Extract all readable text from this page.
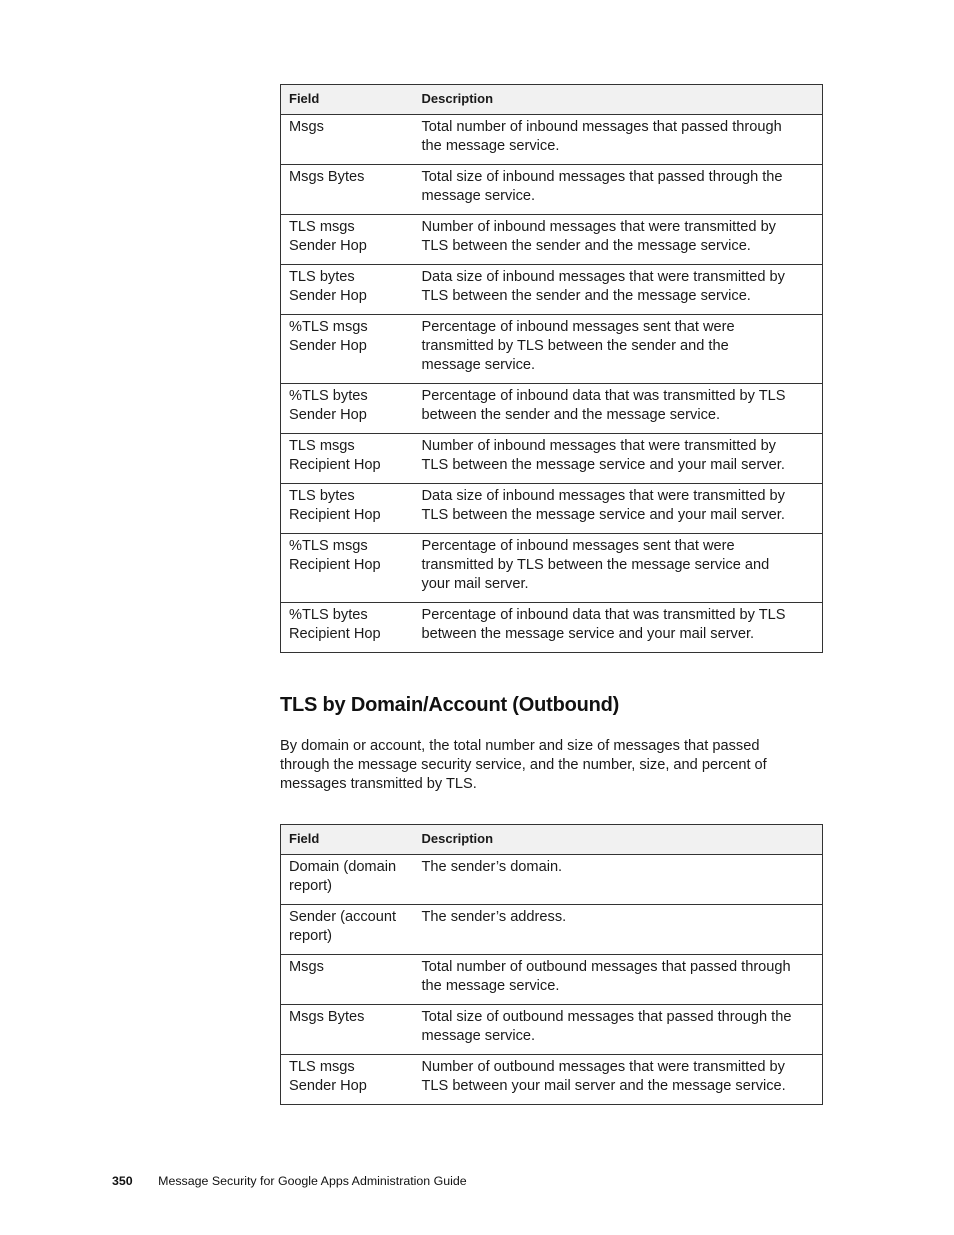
Field	Description

Msgs	Total number of inbound messages that passed through
the message service.

Msgs Bytes	Total size of inbound messages that passed through the
message service.

TLS msgs
Sender Hop	Number of inbound messages that were transmitted by
TLS between the sender and the message service.

TLS bytes
Sender Hop	Data size of inbound messages that were transmitted by
TLS between the sender and the message service.

%TLS msgs
Sender Hop	Percentage of inbound messages sent that were
transmitted by TLS between the sender and the
message service.

%TLS bytes
Sender Hop	Percentage of inbound data that was transmitted by TLS
between the sender and the message service.

TLS msgs
Recipient Hop	Number of inbound messages that were transmitted by
TLS between the message service and your mail server.

TLS bytes
Recipient Hop	Data size of inbound messages that were transmitted by
TLS between the message service and your mail server.

%TLS msgs
Recipient Hop	Percentage of inbound messages sent that were
transmitted by TLS between the message service and
your mail server.

%TLS bytes
Recipient Hop	Percentage of inbound data that was transmitted by TLS
between the message service and your mail server.
TLS by Domain/Account (Outbound)

By domain or account, the total number and size of messages that passed
through the message security service, and the number, size, and percent of
messages transmitted by TLS.

Field	Description

Domain (domain
report)	The sender’s domain.

Sender (account
report)	The sender’s address.

Msgs	Total number of outbound messages that passed through
the message service.

Msgs Bytes	Total size of outbound messages that passed through the
message service.

TLS msgs
Sender Hop	Number of outbound messages that were transmitted by
TLS between your mail server and the message service.
350 Message Security for Google Apps Administration Guide
